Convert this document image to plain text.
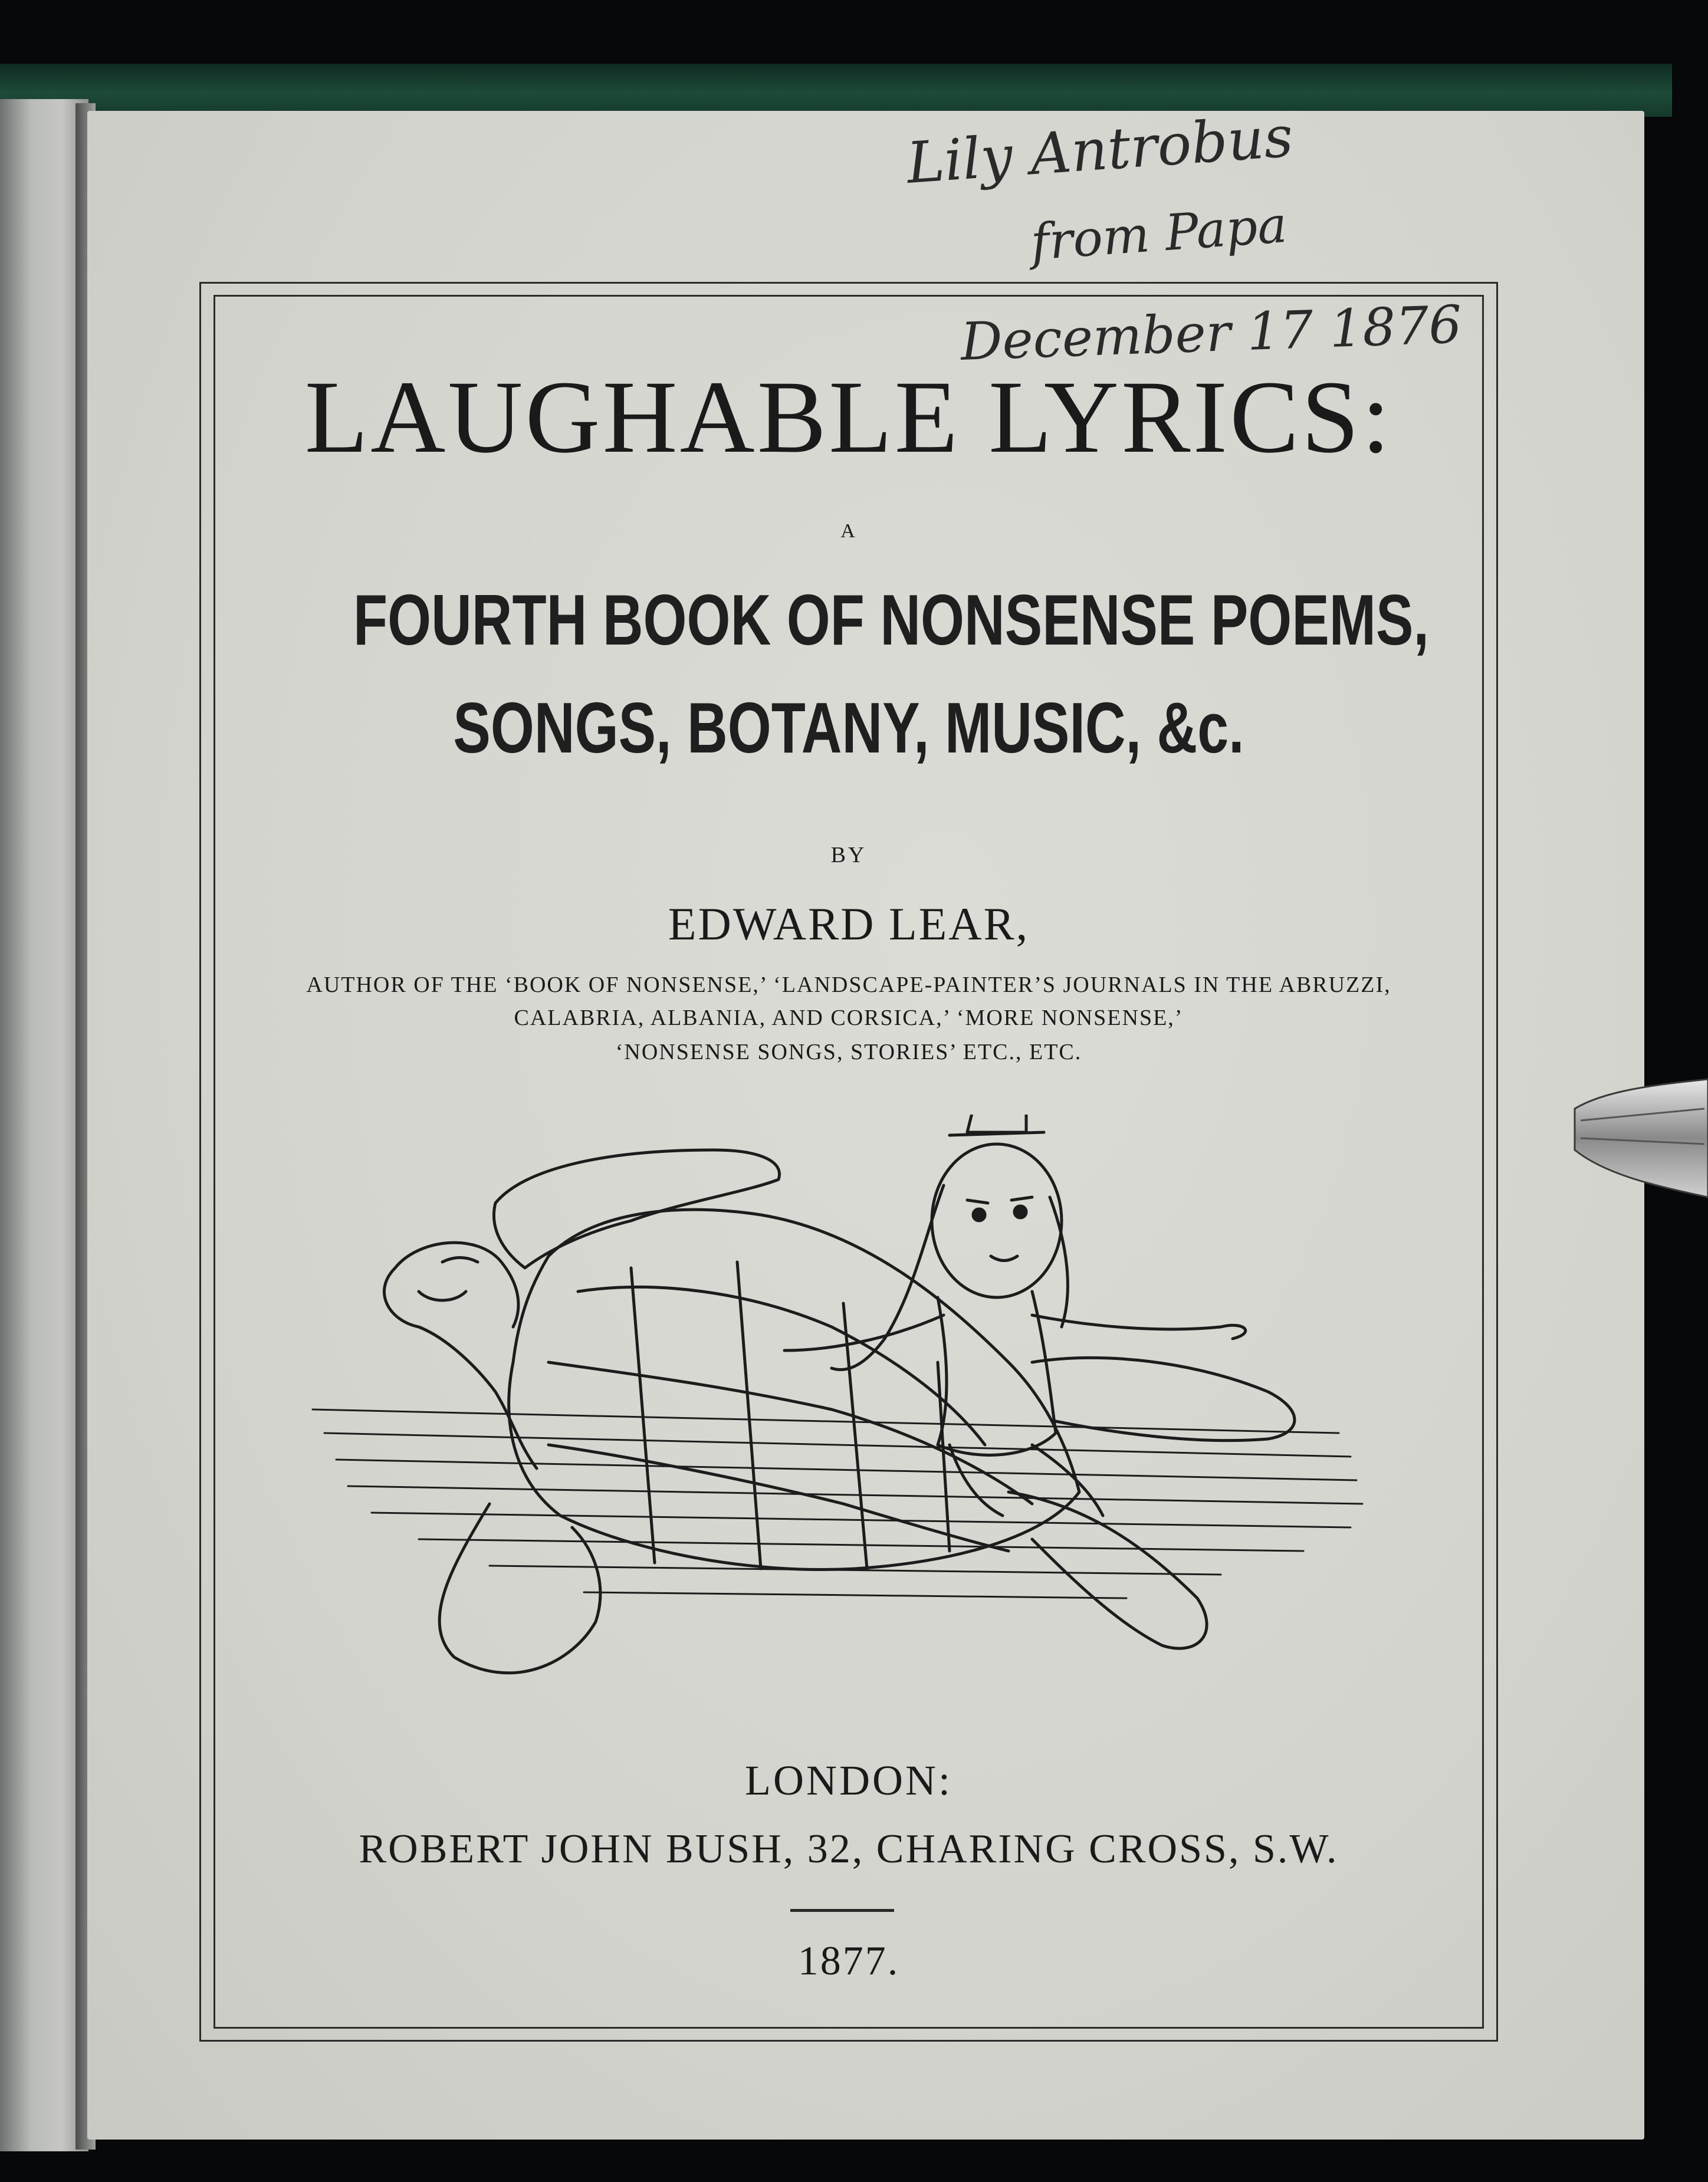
Lily Antrobus
from Papa
December 17 1876
LAUGHABLE LYRICS:
A
FOURTH BOOK OF NONSENSE POEMS,
SONGS, BOTANY, MUSIC, &c.
BY
EDWARD LEAR,
AUTHOR OF THE ‘BOOK OF NONSENSE,’ ‘LANDSCAPE-PAINTER’S JOURNALS IN THE ABRUZZI,
CALABRIA, ALBANIA, AND CORSICA,’ ‘MORE NONSENSE,’
‘NONSENSE SONGS, STORIES’ ETC., ETC.
LONDON:
ROBERT JOHN BUSH, 32, CHARING CROSS, S.W.
1877.
